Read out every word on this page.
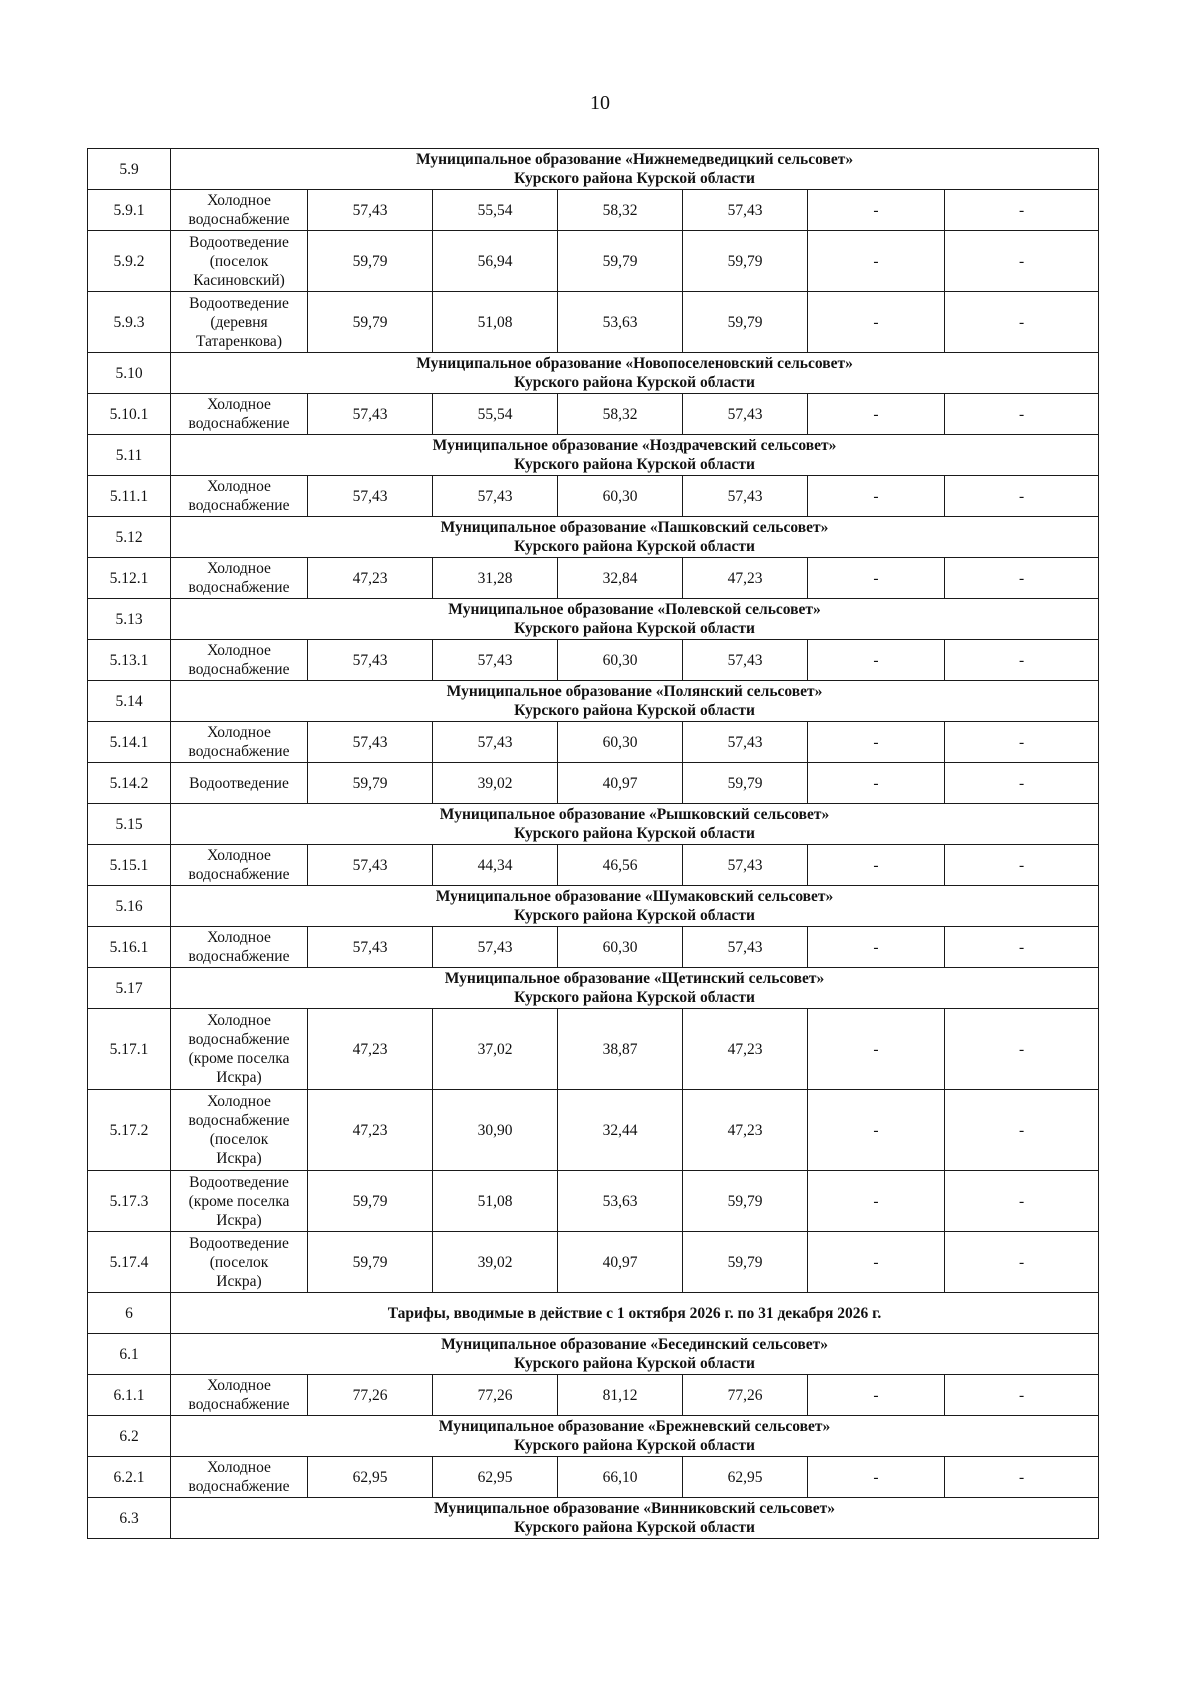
10
5.9	Муниципальное образование «Нижнемедведицкий сельсовет»
Курского района Курской области						

5.9.1	Холодное
водоснабжение	57,43	55,54	58,32	57,43	-	-
5.9.2	Водоотведение
(поселок
Касиновский)	59,79	56,94	59,79	59,79	-	-
5.9.3	Водоотведение
(деревня
Татаренкова)	59,79	51,08	53,63	59,79	-	-
5.10	Муниципальное образование «Новопоселеновский сельсовет»
Курского района Курской области						

5.10.1	Холодное
водоснабжение	57,43	55,54	58,32	57,43	-	-
5.11	Муниципальное образование «Ноздрачевский сельсовет»
Курского района Курской области						

5.11.1	Холодное
водоснабжение	57,43	57,43	60,30	57,43	-	-
5.12	Муниципальное образование «Пашковский сельсовет»
Курского района Курской области						

5.12.1	Холодное
водоснабжение	47,23	31,28	32,84	47,23	-	-
5.13	Муниципальное образование «Полевской сельсовет»
Курского района Курской области						

5.13.1	Холодное
водоснабжение	57,43	57,43	60,30	57,43	-	-
5.14	Муниципальное образование «Полянский сельсовет»
Курского района Курской области						

5.14.1	Холодное
водоснабжение	57,43	57,43	60,30	57,43	-	-
5.14.2	Водоотведение	59,79	39,02	40,97	59,79	-	-
5.15	Муниципальное образование «Рышковский сельсовет»
Курского района Курской области						

5.15.1	Холодное
водоснабжение	57,43	44,34	46,56	57,43	-	-
5.16	Муниципальное образование «Шумаковский сельсовет»
Курского района Курской области						

5.16.1	Холодное
водоснабжение	57,43	57,43	60,30	57,43	-	-
5.17	Муниципальное образование «Щетинский сельсовет»
Курского района Курской области						

5.17.1	Холодное
водоснабжение
(кроме поселка
Искра)	47,23	37,02	38,87	47,23	-	-
5.17.2	Холодное
водоснабжение
(поселок
Искра)	47,23	30,90	32,44	47,23	-	-
5.17.3	Водоотведение
(кроме поселка
Искра)	59,79	51,08	53,63	59,79	-	-
5.17.4	Водоотведение
(поселок
Искра)	59,79	39,02	40,97	59,79	-	-
6	Тарифы, вводимые в действие с 1 октября 2026 г. по 31 декабря 2026 г.						

6.1	Муниципальное образование «Бесединский сельсовет»
Курского района Курской области						

6.1.1	Холодное
водоснабжение	77,26	77,26	81,12	77,26	-	-
6.2	Муниципальное образование «Брежневский сельсовет»
Курского района Курской области						

6.2.1	Холодное
водоснабжение	62,95	62,95	66,10	62,95	-	-
6.3	Муниципальное образование «Винниковский сельсовет»
Курского района Курской области						
